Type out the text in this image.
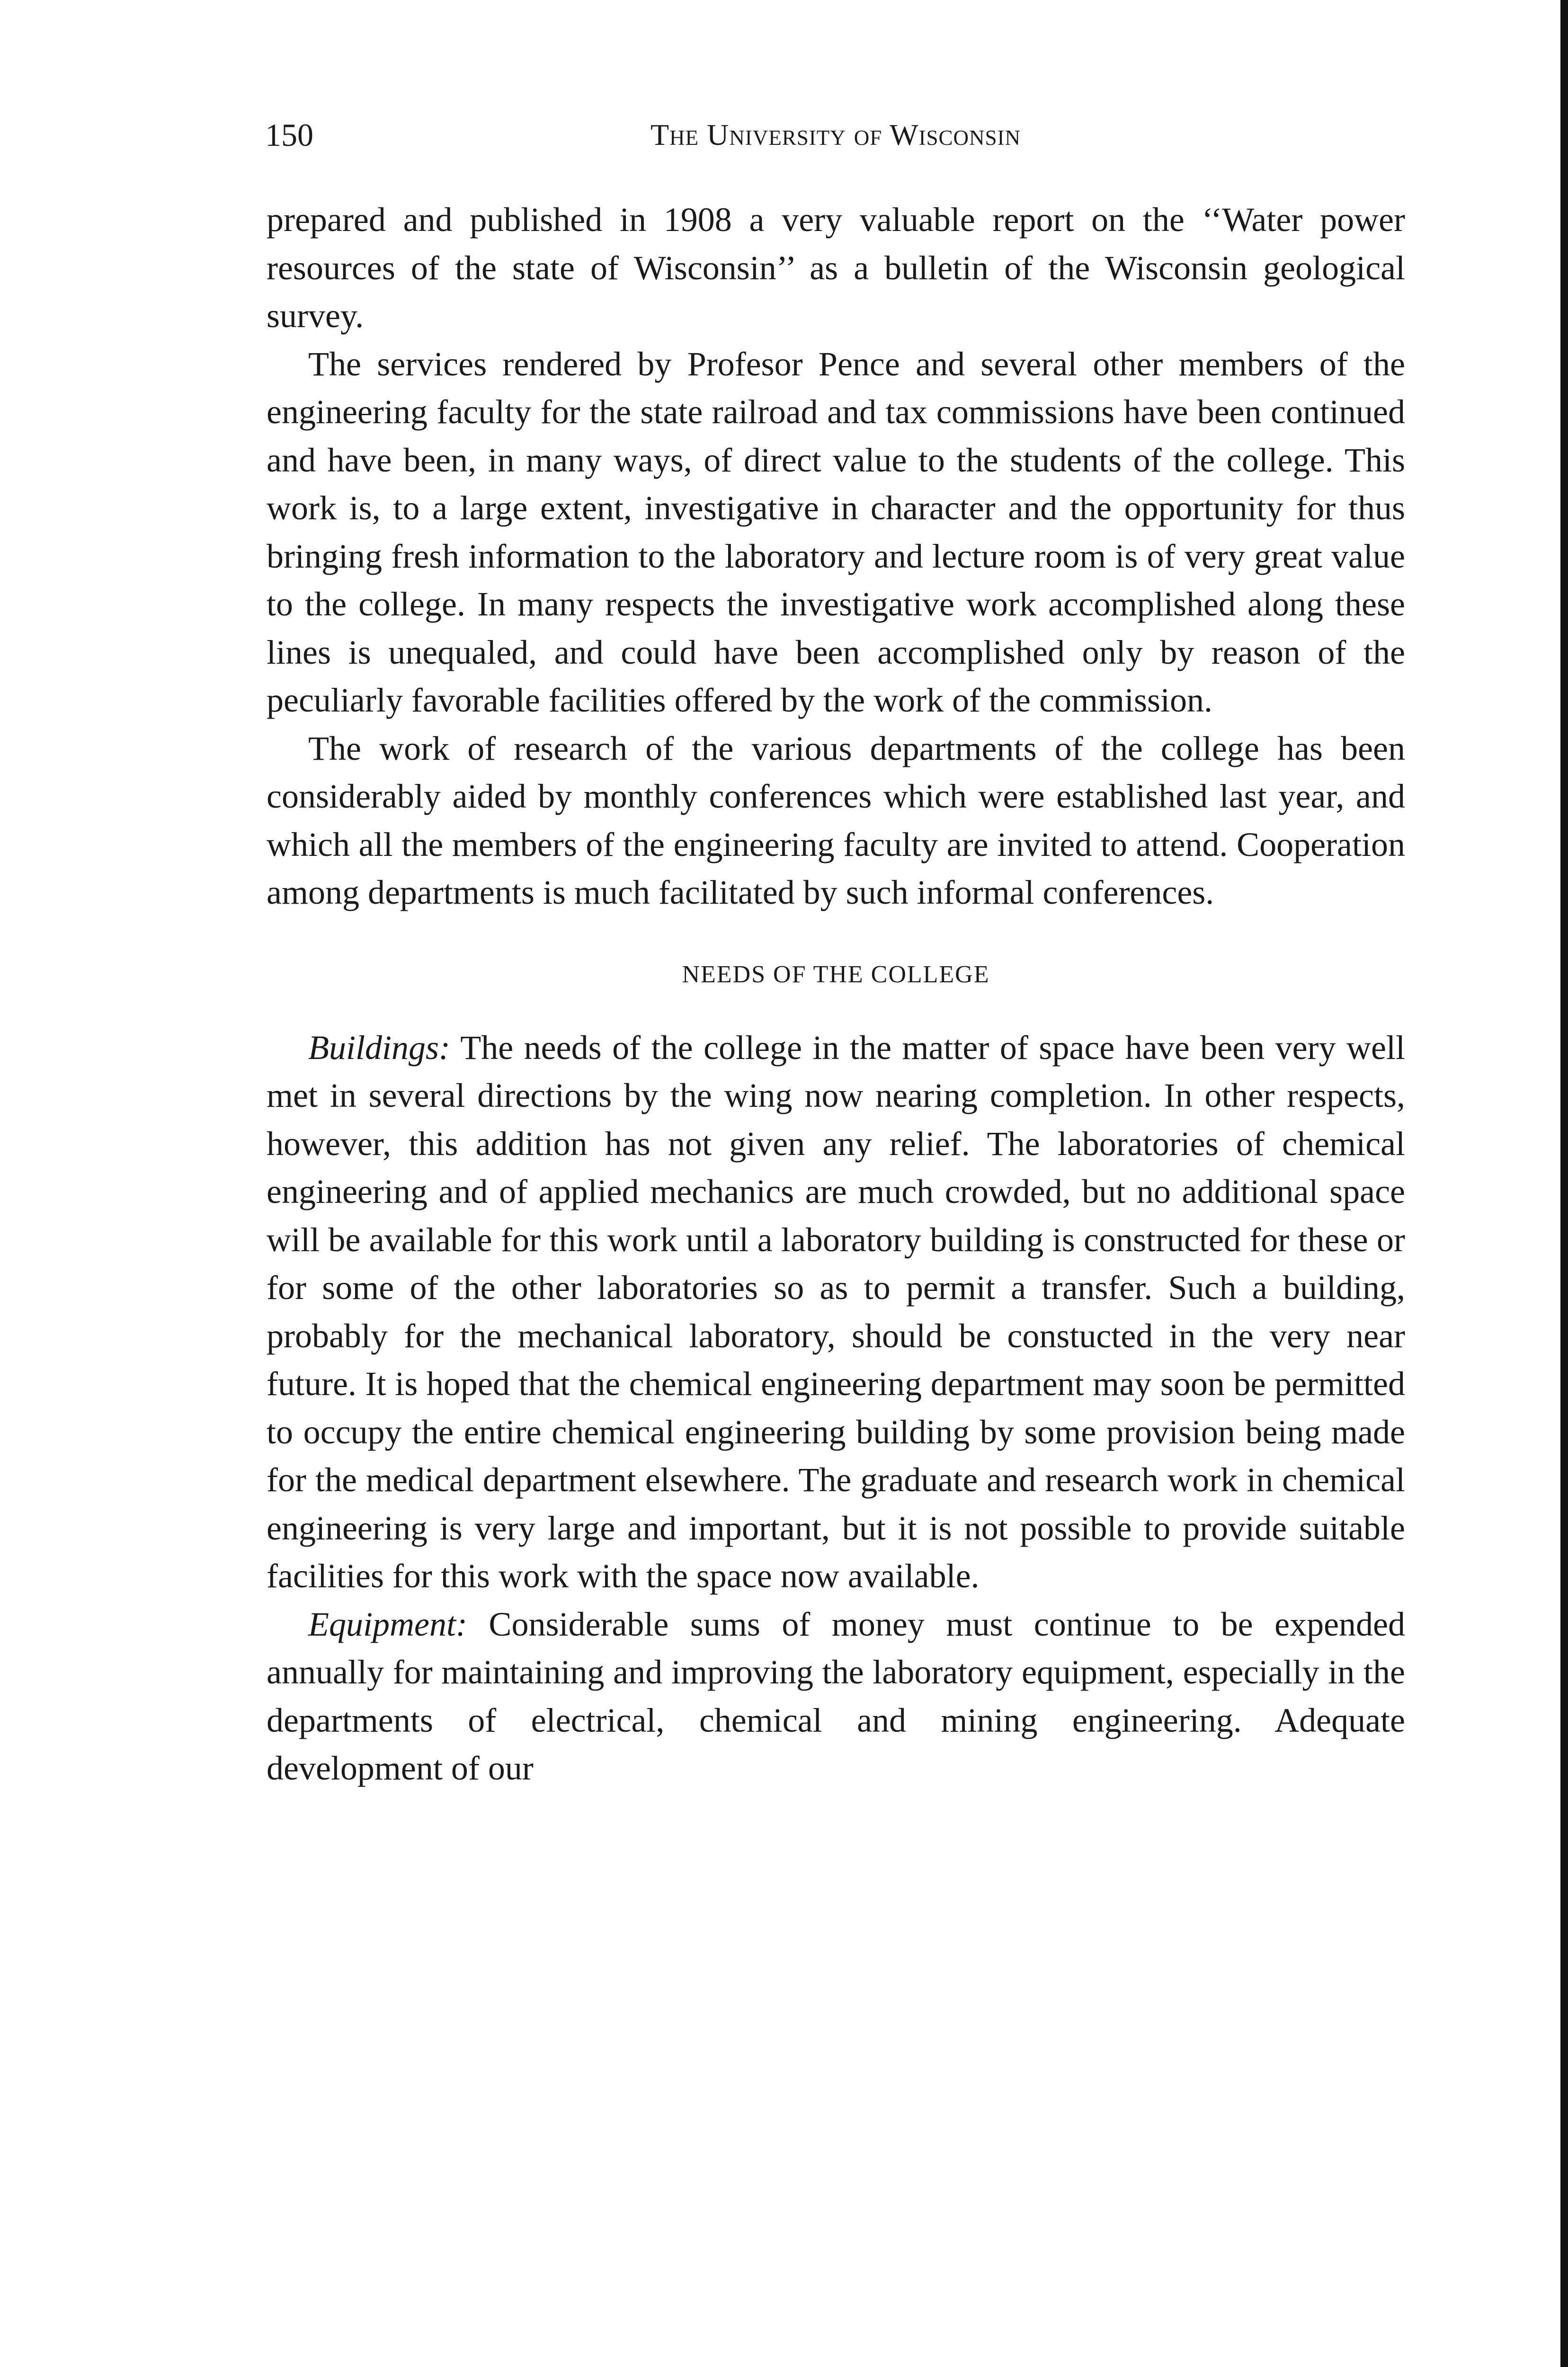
150	The University of Wisconsin

prepared and published in 1908 a very valuable report on the ‘‘Water power resources of the state of Wisconsin’’ as a bulletin of the Wisconsin geological survey.

The services rendered by Profesor Pence and several other members of the engineering faculty for the state railroad and tax commissions have been continued and have been, in many ways, of direct value to the students of the college. This work is, to a large extent, investigative in character and the opportunity for thus bringing fresh information to the laboratory and lecture room is of very great value to the college. In many respects the investigative work accomplished along these lines is unequaled, and could have been accomplished only by reason of the peculiarly favorable facilities offered by the work of the commission.

The work of research of the various departments of the college has been considerably aided by monthly conferences which were established last year, and which all the members of the engineering faculty are invited to attend. Cooperation among departments is much facilitated by such informal conferences.

NEEDS OF THE COLLEGE

Buildings: The needs of the college in the matter of space have been very well met in several directions by the wing now nearing completion. In other respects, however, this addition has not given any relief. The laboratories of chemical engineering and of applied mechanics are much crowded, but no additional space will be available for this work until a laboratory building is constructed for these or for some of the other laboratories so as to permit a transfer. Such a building, probably for the mechanical laboratory, should be constucted in the very near future. It is hoped that the chemical engineering department may soon be permitted to occupy the entire chemical engineering building by some provision being made for the medical department elsewhere. The graduate and research work in chemical engineering is very large and important, but it is not possible to provide suitable facilities for this work with the space now available.

Equipment: Considerable sums of money must continue to be expended annually for maintaining and improving the laboratory equipment, especially in the departments of electrical, chemical and mining engineering. Adequate development of our
